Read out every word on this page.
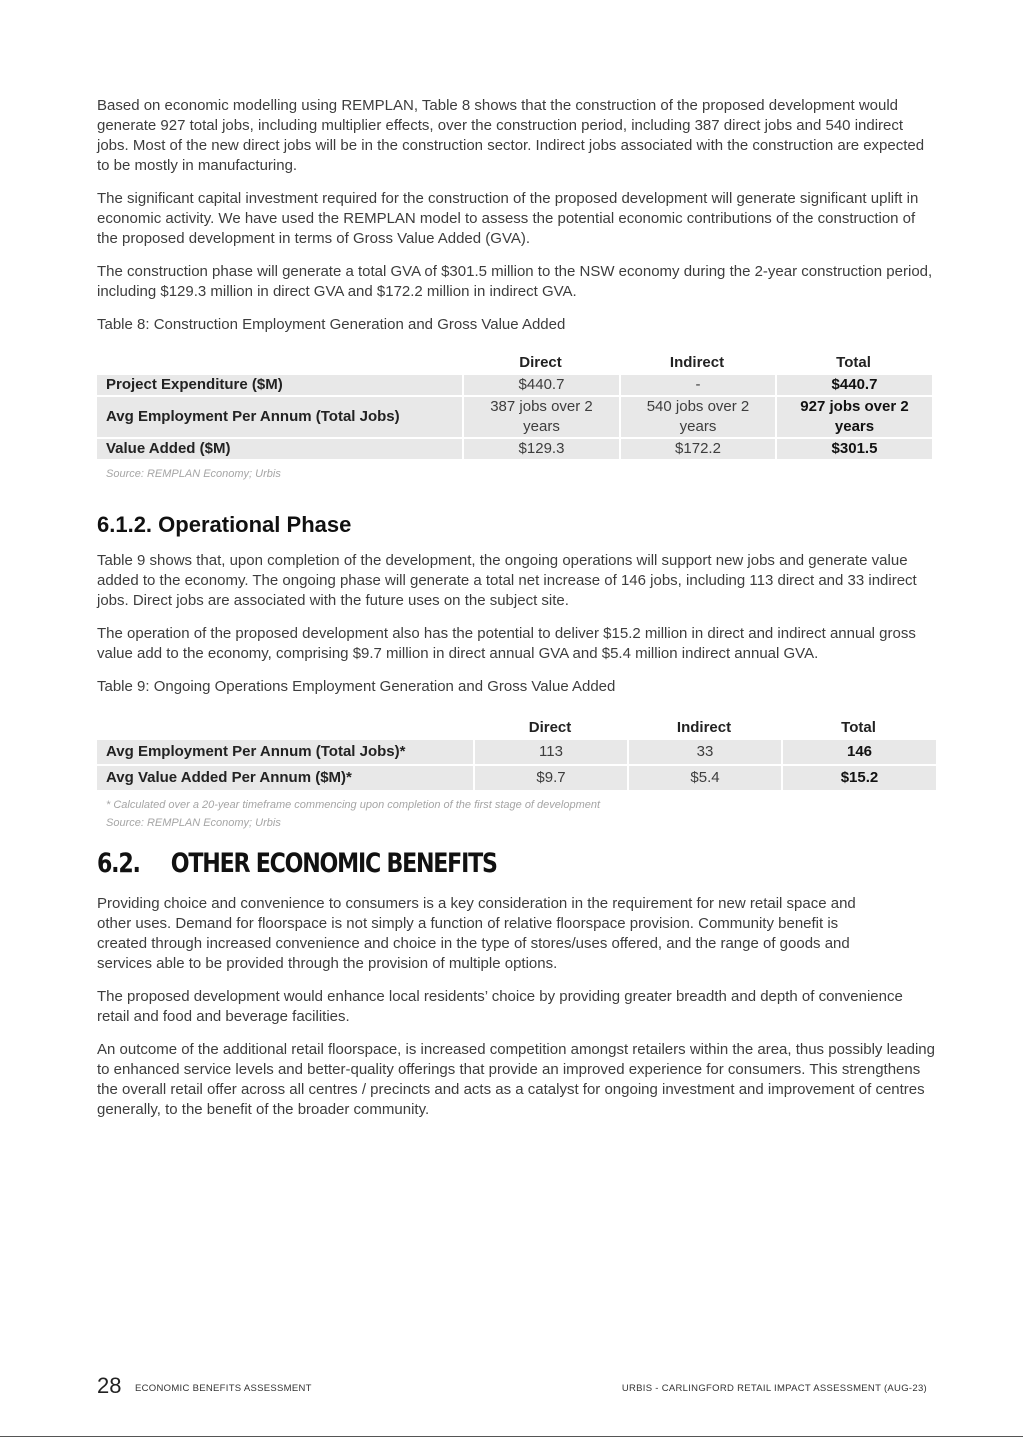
Based on economic modelling using REMPLAN, Table 8 shows that the construction of the proposed development would generate 927 total jobs, including multiplier effects, over the construction period, including 387 direct jobs and 540 indirect jobs. Most of the new direct jobs will be in the construction sector. Indirect jobs associated with the construction are expected to be mostly in manufacturing.

The significant capital investment required for the construction of the proposed development will generate significant uplift in economic activity. We have used the REMPLAN model to assess the potential economic contributions of the construction of the proposed development in terms of Gross Value Added (GVA).

The construction phase will generate a total GVA of $301.5 million to the NSW economy during the 2-year construction period, including $129.3 million in direct GVA and $172.2 million in indirect GVA.

Table 8: Construction Employment Generation and Gross Value Added
	Direct	Indirect	Total
Project Expenditure ($M)	$440.7	-	$440.7
Avg Employment Per Annum (Total Jobs)	387 jobs over 2 years	540 jobs over 2 years	927 jobs over 2 years
Value Added ($M)	$129.3	$172.2	$301.5
Source: REMPLAN Economy; Urbis
6.1.2. Operational Phase

Table 9 shows that, upon completion of the development, the ongoing operations will support new jobs and generate value added to the economy. The ongoing phase will generate a total net increase of 146 jobs, including 113 direct and 33 indirect jobs. Direct jobs are associated with the future uses on the subject site.

The operation of the proposed development also has the potential to deliver $15.2 million in direct and indirect annual gross value add to the economy, comprising $9.7 million in direct annual GVA and $5.4 million indirect annual GVA.

Table 9: Ongoing Operations Employment Generation and Gross Value Added
	Direct	Indirect	Total
Avg Employment Per Annum (Total Jobs)*	113	33	146
Avg Value Added Per Annum ($M)*	$9.7	$5.4	$15.2
* Calculated over a 20-year timeframe commencing upon completion of the first stage of development
Source: REMPLAN Economy; Urbis
6.2. OTHER ECONOMIC BENEFITS

Providing choice and convenience to consumers is a key consideration in the requirement for new retail space and other uses. Demand for floorspace is not simply a function of relative floorspace provision. Community benefit is created through increased convenience and choice in the type of stores/uses offered, and the range of goods and services able to be provided through the provision of multiple options.

The proposed development would enhance local residents’ choice by providing greater breadth and depth of convenience retail and food and beverage facilities.

An outcome of the additional retail floorspace, is increased competition amongst retailers within the area, thus possibly leading to enhanced service levels and better-quality offerings that provide an improved experience for consumers. This strengthens the overall retail offer across all centres / precincts and acts as a catalyst for ongoing investment and improvement of centres generally, to the benefit of the broader community.

28 ECONOMIC BENEFITS ASSESSMENT	URBIS - CARLINGFORD RETAIL IMPACT ASSESSMENT (AUG-23)
